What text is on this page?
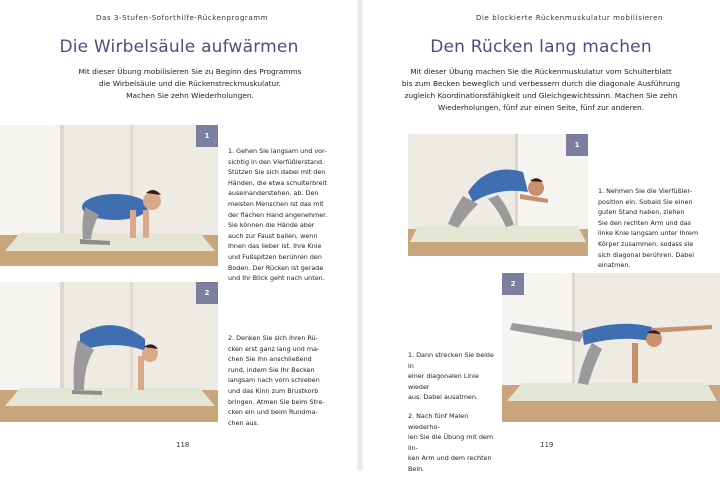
Das 3-Stufen-Soforthilfe-Rückenprogramm
Die Wirbelsäule aufwärmen
Mit dieser Übung mobilisieren Sie zu Beginn des Programms
die Wirbelsäule und die Rückenstreckmuskulatur.
Machen Sie zehn Wiederholungen.
1
1. Gehen Sie langsam und vor-
sichtig in den Vierfüßlerstand.
Stützen Sie sich dabei mit den
Händen, die etwa schulterbreit
auseinanderstehen, ab. Den
meisten Menschen ist das mit
der flachen Hand angenehmer.
Sie können die Hände aber
auch zur Faust ballen, wenn
Ihnen das lieber ist. Ihre Knie
und Fußspitzen berühren den
Boden. Der Rücken ist gerade
und Ihr Blick geht nach unten.
2
2. Denken Sie sich Ihren Rü-
cken erst ganz lang und ma-
chen Sie ihn anschließend
rund, indem Sie Ihr Becken
langsam nach vorn schieben
und das Kinn zum Brustkorb
bringen. Atmen Sie beim Stre-
cken ein und beim Rundma-
chen aus.
118
Die blockierte Rückenmuskulatur mobilisieren
Den Rücken lang machen
Mit dieser Übung machen Sie die Rückenmuskulatur vom Schulterblatt
bis zum Becken beweglich und verbessern durch die diagonale Ausführung
zugleich Koordinationsfähigkeit und Gleichgewichtssinn. Machen Sie zehn
Wiederholungen, fünf zur einen Seite, fünf zur anderen.
1
1. Nehmen Sie die Vierfüßler-
position ein. Sobald Sie einen
guten Stand haben, ziehen
Sie den rechten Arm und das
linke Knie langsam unter Ihrem
Körper zusammen, sodass sie
sich diagonal berühren. Dabei
einatmen.
2

1. Dann strecken Sie beide in
einer diagonalen Linie wieder
aus. Dabei ausatmen.

2. Nach fünf Malen wiederho-
len Sie die Übung mit dem lin-
ken Arm und dem rechten
Bein.

119
